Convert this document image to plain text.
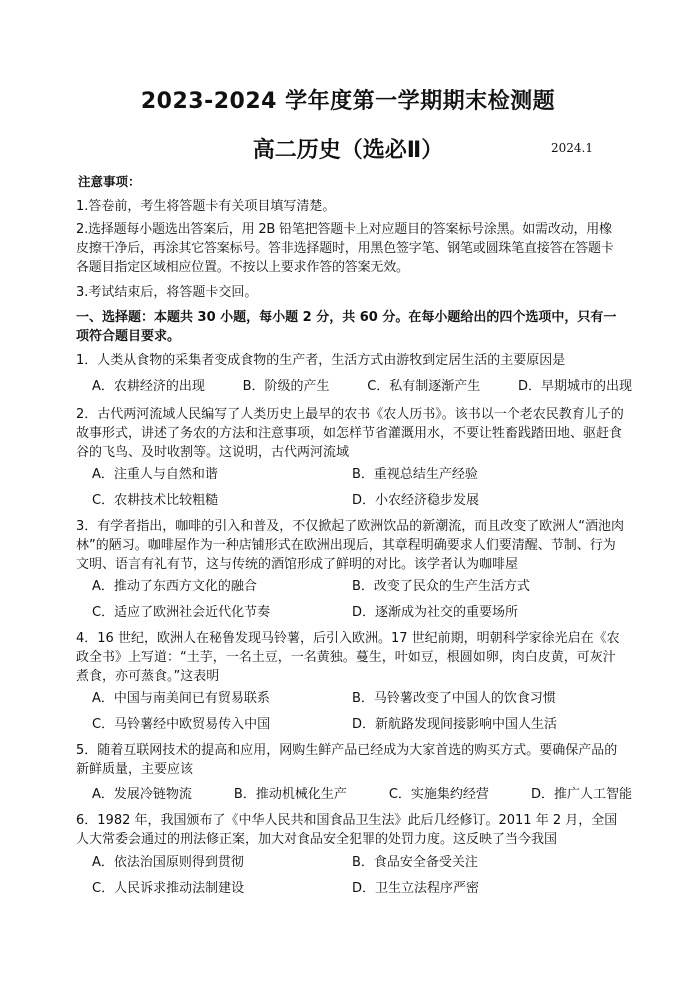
2023-2024 学年度第一学期期末检测题
高二历史（选必Ⅱ）	2024.1
注意事项：
1.答卷前，考生将答题卡有关项目填写清楚。
2.选择题每小题选出答案后，用 2B 铅笔把答题卡上对应题目的答案标号涂黑。如需改动，用橡皮擦干净后，再涂其它答案标号。答非选择题时，用黑色签字笔、钢笔或圆珠笔直接答在答题卡各题目指定区域相应位置。不按以上要求作答的答案无效。
3.考试结束后，将答题卡交回。
一、选择题：本题共 30 小题，每小题 2 分，共 60 分。在每小题给出的四个选项中，只有一项符合题目要求。
1．人类从食物的采集者变成食物的生产者，生活方式由游牧到定居生活的主要原因是
A．农耕经济的出现	B．阶级的产生	C．私有制逐渐产生	D．早期城市的出现
2．古代两河流域人民编写了人类历史上最早的农书《农人历书》。该书以一个老农民教育儿子的故事形式，讲述了务农的方法和注意事项，如怎样节省灌溉用水，不要让牲畜践踏田地、驱赶食谷的飞鸟、及时收割等。这说明，古代两河流域
A．注重人与自然和谐	B．重视总结生产经验
C．农耕技术比较粗糙	D．小农经济稳步发展
3．有学者指出，咖啡的引入和普及，不仅掀起了欧洲饮品的新潮流，而且改变了欧洲人“酒池肉林”的陋习。咖啡屋作为一种店铺形式在欧洲出现后，其章程明确要求人们要清醒、节制、行为文明、语言有礼有节，这与传统的酒馆形成了鲜明的对比。该学者认为咖啡屋
A．推动了东西方文化的融合	B．改变了民众的生产生活方式
C．适应了欧洲社会近代化节奏	D．逐渐成为社交的重要场所
4．16 世纪，欧洲人在秘鲁发现马铃薯，后引入欧洲。17 世纪前期，明朝科学家徐光启在《农政全书》上写道：“土芋，一名土豆，一名黄独。蔓生，叶如豆，根圆如卵，肉白皮黄，可灰汁煮食，亦可蒸食。”这表明
A．中国与南美间已有贸易联系	B．马铃薯改变了中国人的饮食习惯
C．马铃薯经中欧贸易传入中国	D．新航路发现间接影响中国人生活
5．随着互联网技术的提高和应用，网购生鲜产品已经成为大家首选的购买方式。要确保产品的新鲜质量，主要应该
A．发展冷链物流	B．推动机械化生产	C．实施集约经营	D．推广人工智能
6．1982 年，我国颁布了《中华人民共和国食品卫生法》此后几经修订。2011 年 2 月，全国人大常委会通过的刑法修正案，加大对食品安全犯罪的处罚力度。这反映了当今我国
A．依法治国原则得到贯彻	B．食品安全备受关注
C．人民诉求推动法制建设	D．卫生立法程序严密
